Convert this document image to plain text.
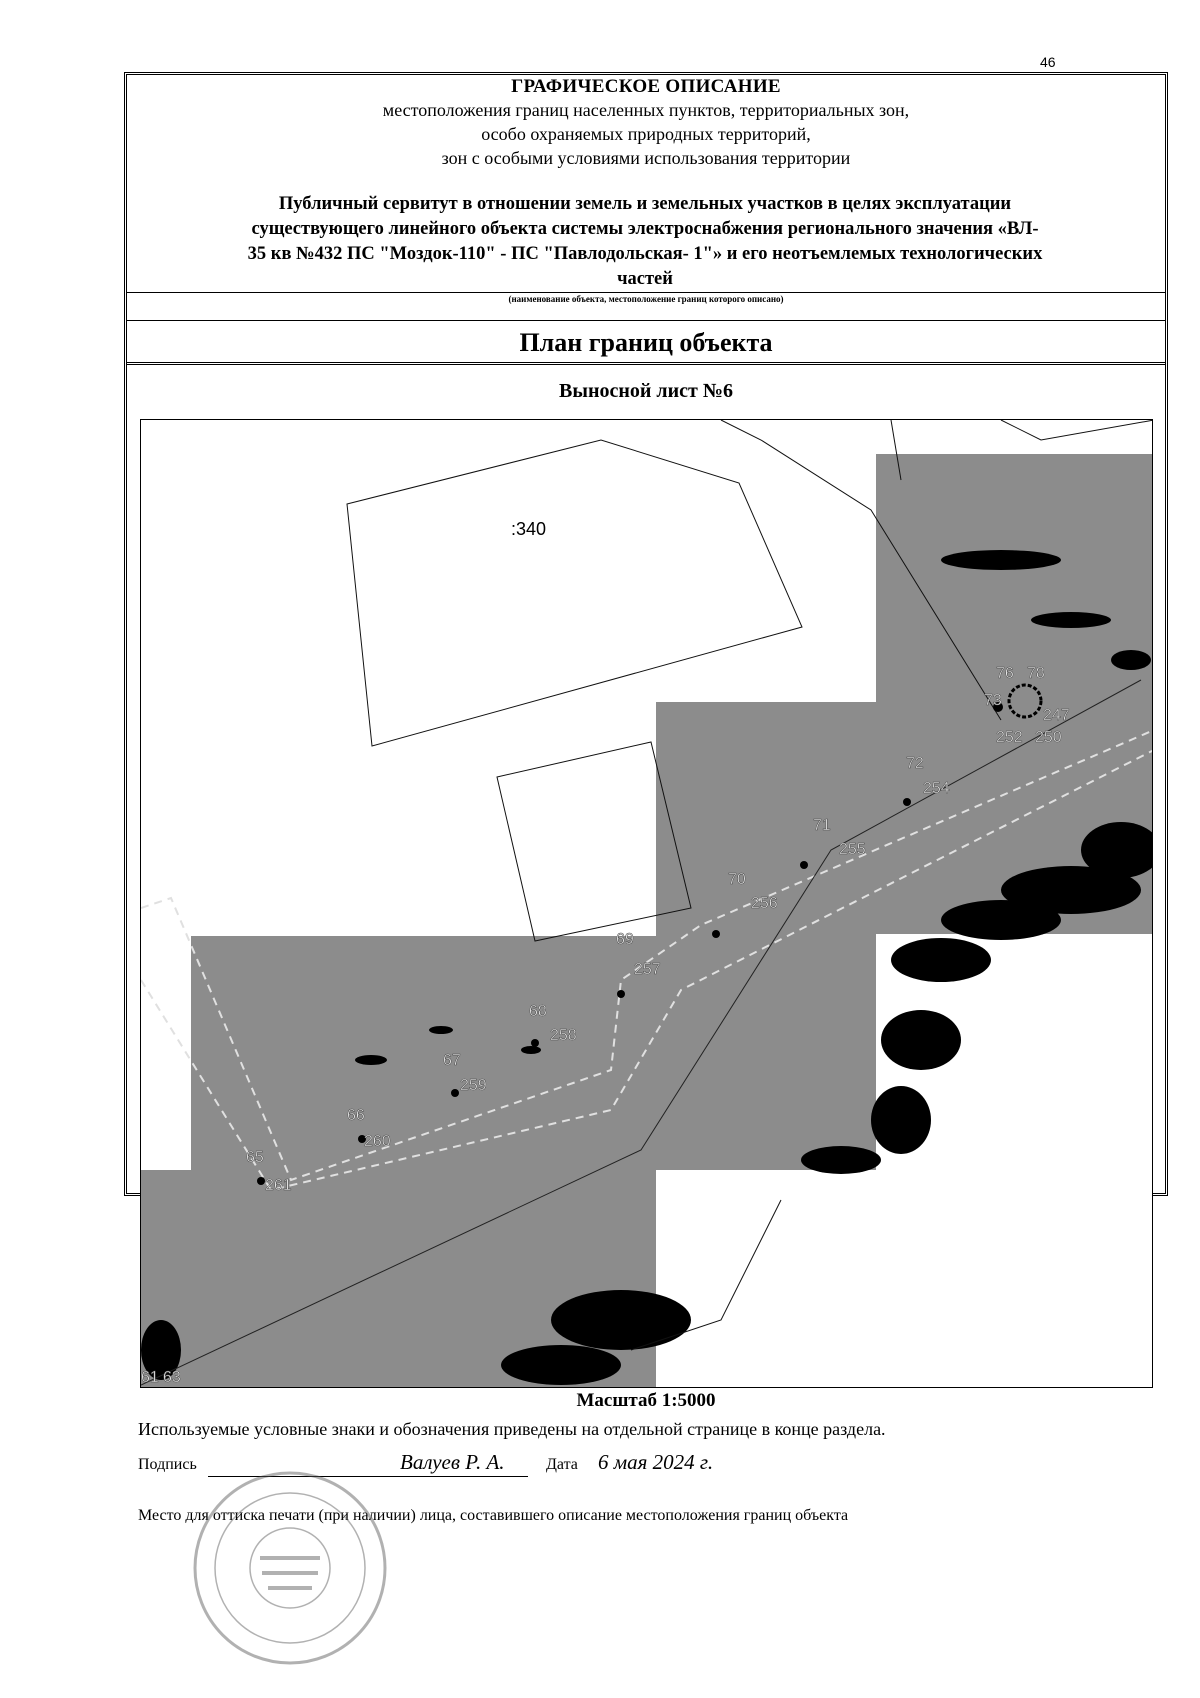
46
ГРАФИЧЕСКОЕ ОПИСАНИЕ
местоположения границ населенных пунктов, территориальных зон,
особо охраняемых природных территорий,
зон с особыми условиями использования территории
Публичный сервитут в отношении земель и земельных участков в целях эксплуатации
существующего линейного объекта системы электроснабжения регионального значения «ВЛ-
35 кв №432 ПС "Моздок-110" - ПС "Павлодольская- 1"» и его неотъемлемых технологических
частей
(наименование объекта, местоположение границ которого описано)
План границ объекта
Выносной лист №6
:340
76 78
73
247
252 250
72
254
71
255
70
256
69
257
68
258
67
259
66
260
65
261
61 63
Масштаб 1:5000
Используемые условные знаки и обозначения приведены на отдельной странице в конце раздела.
Подпись	Валуев Р. А.	Дата 6 мая 2024 г.
Место для оттиска печати (при наличии) лица, составившего описание местоположения границ объекта
